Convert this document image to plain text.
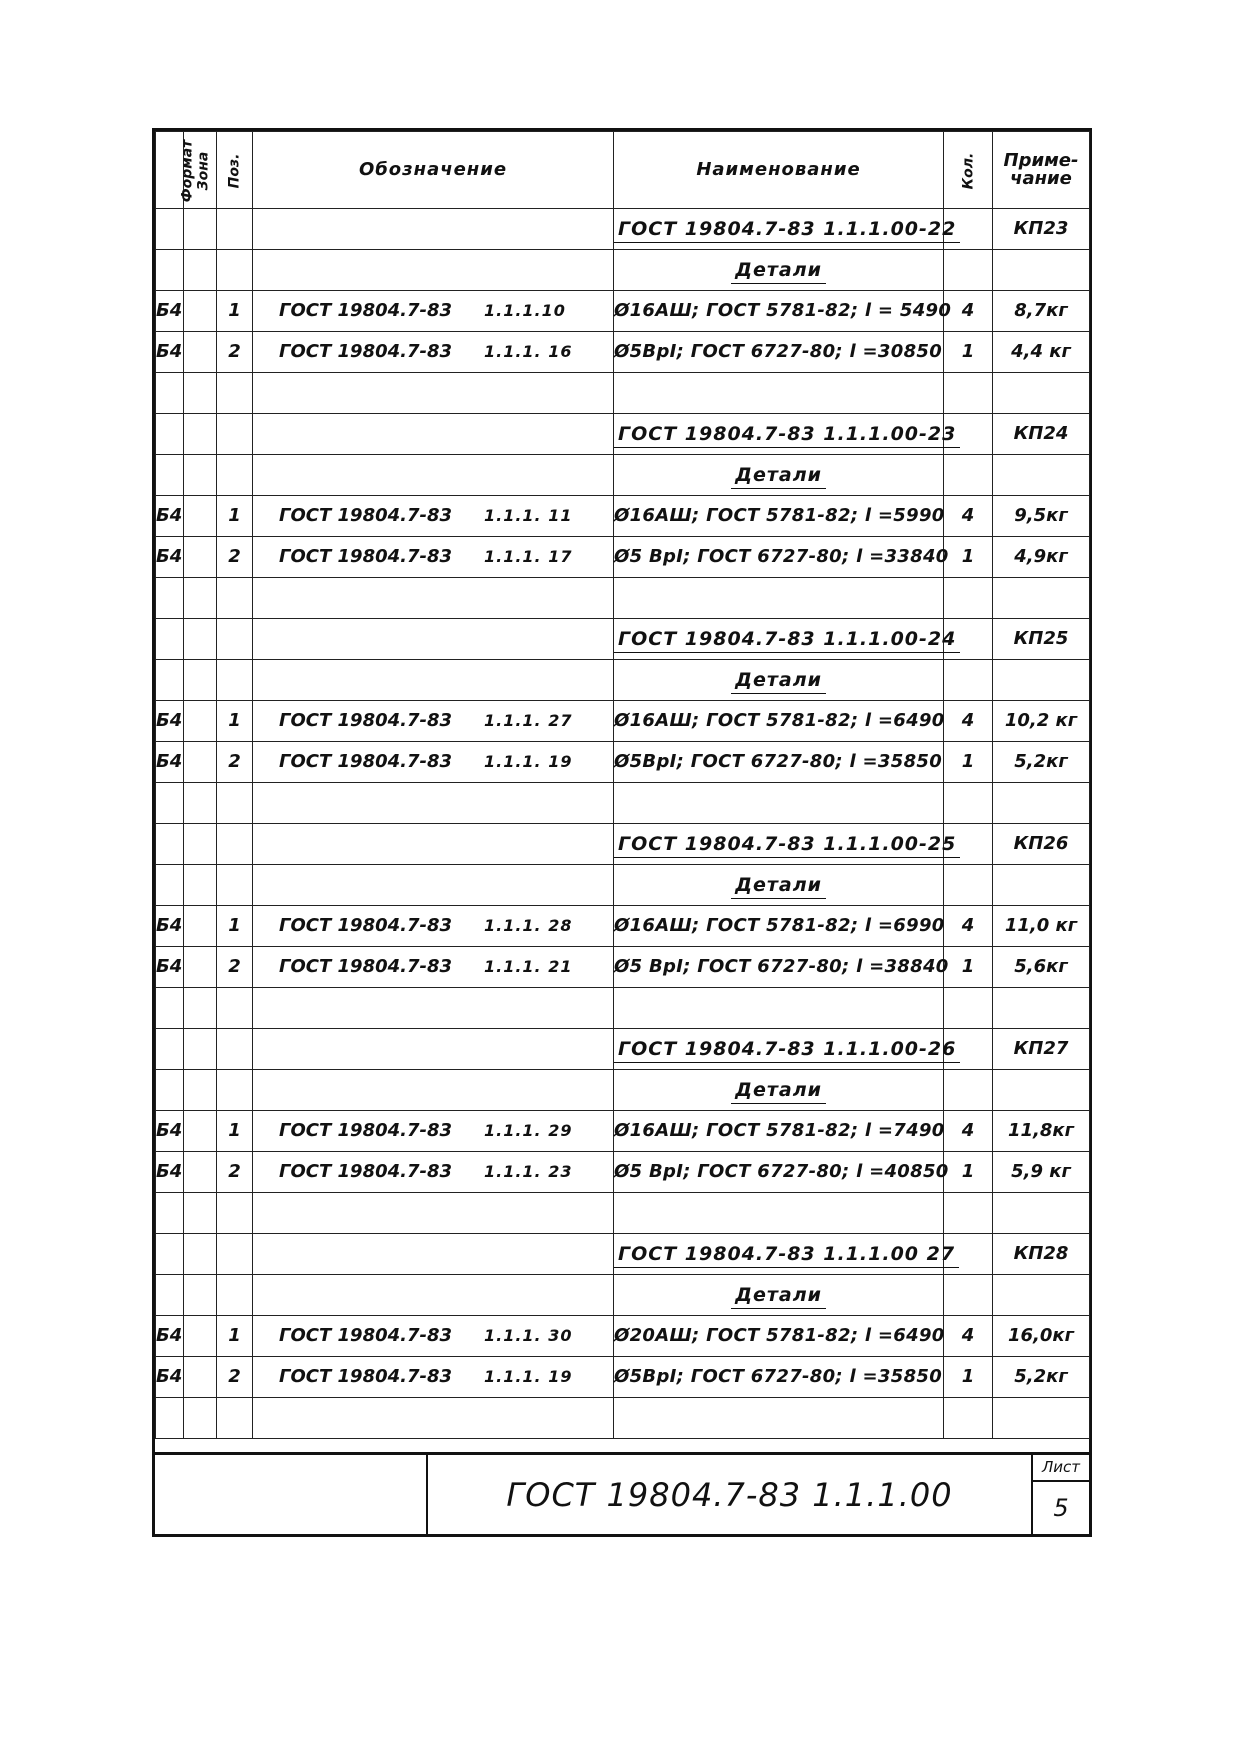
Формат	Зона	Поз.	Обозначение	Наименование	Кол.	Приме-
чание
				ГОСТ 19804.7-83 1.1.1.00-22		КП23
				Детали		
Б4		1	ГОСТ 19804.7-83 1.1.1.10	Ø16АШ; ГОСТ 5781-82; l = 5490	4	8,7кг
Б4		2	ГОСТ 19804.7-83 1.1.1. 16	Ø5ВрI; ГОСТ 6727-80; l =30850	1	4,4 кг

				ГОСТ 19804.7-83 1.1.1.00-23		КП24
				Детали		
Б4		1	ГОСТ 19804.7-83 1.1.1. 11	Ø16АШ; ГОСТ 5781-82; l =5990	4	9,5кг
Б4		2	ГОСТ 19804.7-83 1.1.1. 17	Ø5 ВрI; ГОСТ 6727-80; l =33840	1	4,9кг

				ГОСТ 19804.7-83 1.1.1.00-24		КП25
				Детали		
Б4		1	ГОСТ 19804.7-83 1.1.1. 27	Ø16АШ; ГОСТ 5781-82; l =6490	4	10,2 кг
Б4		2	ГОСТ 19804.7-83 1.1.1. 19	Ø5ВрI; ГОСТ 6727-80; l =35850	1	5,2кг

				ГОСТ 19804.7-83 1.1.1.00-25		КП26
				Детали		
Б4		1	ГОСТ 19804.7-83 1.1.1. 28	Ø16АШ; ГОСТ 5781-82; l =6990	4	11,0 кг
Б4		2	ГОСТ 19804.7-83 1.1.1. 21	Ø5 ВрI; ГОСТ 6727-80; l =38840	1	5,6кг

				ГОСТ 19804.7-83 1.1.1.00-26		КП27
				Детали		
Б4		1	ГОСТ 19804.7-83 1.1.1. 29	Ø16АШ; ГОСТ 5781-82; l =7490	4	11,8кг
Б4		2	ГОСТ 19804.7-83 1.1.1. 23	Ø5 ВрI; ГОСТ 6727-80; l =40850	1	5,9 кг

				ГОСТ 19804.7-83 1.1.1.00 27		КП28
				Детали		
Б4		1	ГОСТ 19804.7-83 1.1.1. 30	Ø20АШ; ГОСТ 5781-82; l =6490	4	16,0кг
Б4		2	ГОСТ 19804.7-83 1.1.1. 19	Ø5ВрI; ГОСТ 6727-80; l =35850	1	5,2кг

ГОСТ 19804.7-83 1.1.1.00
Лист
5
